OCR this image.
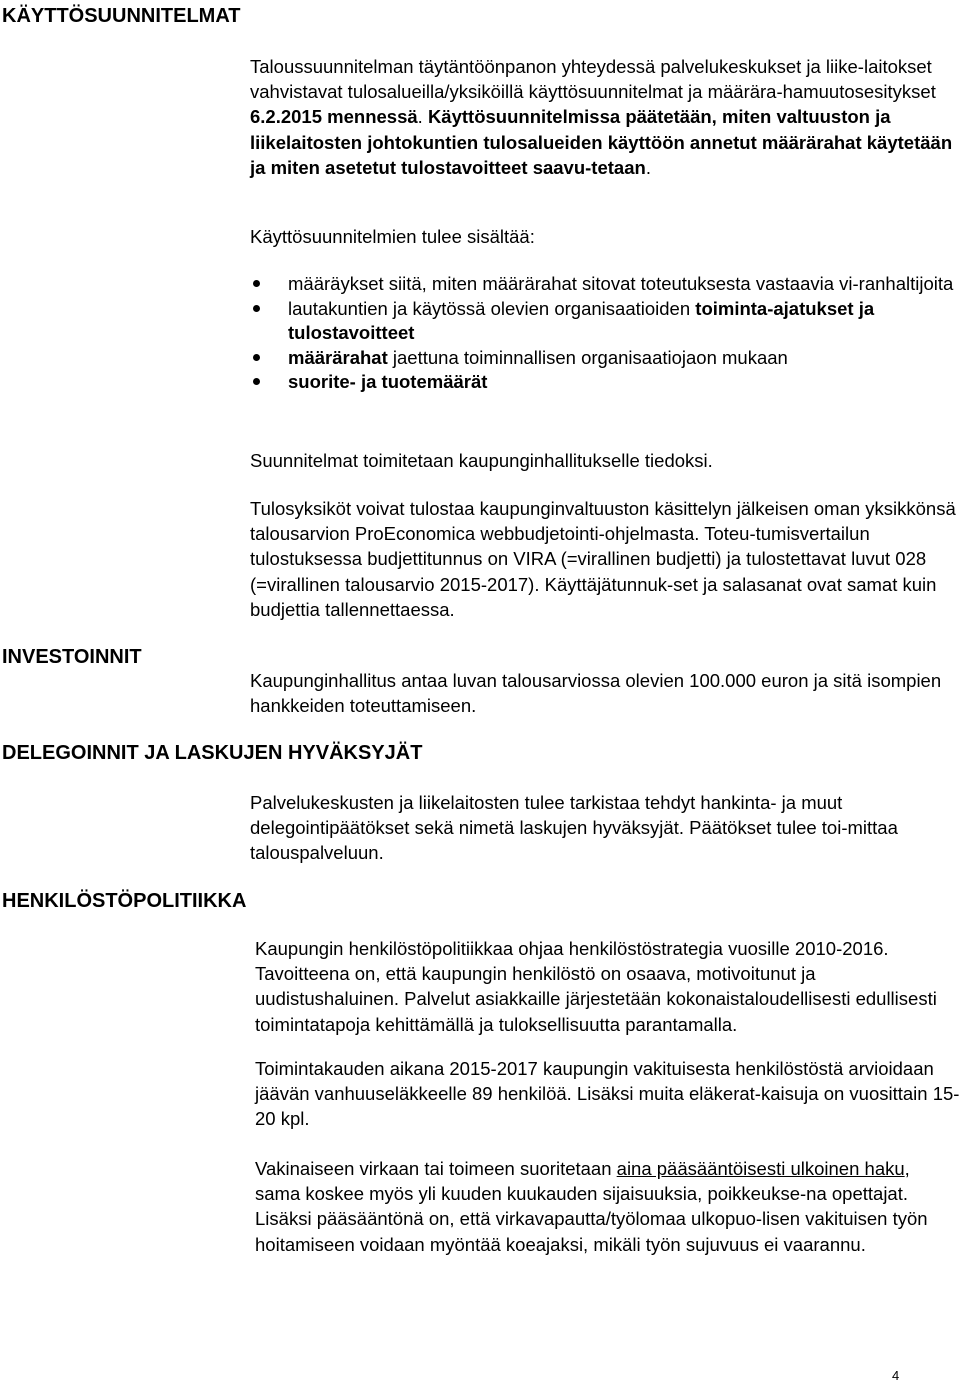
KÄYTTÖSUUNNITELMAT

Taloussuunnitelman täytäntöönpanon yhteydessä palvelukeskukset ja liike-laitokset vahvistavat tulosalueilla/yksiköillä käyttösuunnitelmat ja määrära-hamuutosesitykset 6.2.2015 mennessä. Käyttösuunnitelmissa päätetään, miten valtuuston ja liikelaitosten johtokuntien tulosalueiden käyttöön annetut määrärahat käytetään ja miten asetetut tulostavoitteet saavu-tetaan.

Käyttösuunnitelmien tulee sisältää:

määräykset siitä, miten määrärahat sitovat toteutuksesta vastaavia vi-ranhaltijoita
lautakuntien ja käytössä olevien organisaatioiden toiminta-ajatukset ja tulostavoitteet
määrärahat jaettuna toiminnallisen organisaatiojaon mukaan
suorite- ja tuotemäärät

Suunnitelmat toimitetaan kaupunginhallitukselle tiedoksi.

Tulosyksiköt voivat tulostaa kaupunginvaltuuston käsittelyn jälkeisen oman yksikkönsä talousarvion ProEconomica webbudjetointi-ohjelmasta. Toteu-tumisvertailun tulostuksessa budjettitunnus on VIRA (=virallinen budjetti) ja tulostettavat luvut 028 (=virallinen talousarvio 2015-2017). Käyttäjätunnuk-set ja salasanat ovat samat kuin budjettia tallennettaessa.

INVESTOINNIT

Kaupunginhallitus antaa luvan talousarviossa olevien 100.000 euron ja sitä isompien hankkeiden toteuttamiseen.

DELEGOINNIT JA LASKUJEN HYVÄKSYJÄT

Palvelukeskusten ja liikelaitosten tulee tarkistaa tehdyt hankinta- ja muut delegointipäätökset sekä nimetä laskujen hyväksyjät. Päätökset tulee toi-mittaa talouspalveluun.

HENKILÖSTÖPOLITIIKKA

Kaupungin henkilöstöpolitiikkaa ohjaa henkilöstöstrategia vuosille 2010-2016. Tavoitteena on, että kaupungin henkilöstö on osaava, motivoitunut ja uudistushaluinen. Palvelut asiakkaille järjestetään kokonaistaloudellisesti edullisesti toimintatapoja kehittämällä ja tuloksellisuutta parantamalla.

Toimintakauden aikana 2015-2017 kaupungin vakituisesta henkilöstöstä arvioidaan jäävän vanhuuseläkkeelle 89 henkilöä. Lisäksi muita eläkerat-kaisuja on vuosittain 15-20 kpl.

Vakinaiseen virkaan tai toimeen suoritetaan aina pääsääntöisesti ulkoinen haku, sama koskee myös yli kuuden kuukauden sijaisuuksia, poikkeukse-na opettajat. Lisäksi pääsääntönä on, että virkavapautta/työlomaa ulkopuo-lisen vakituisen työn hoitamiseen voidaan myöntää koeajaksi, mikäli työn sujuvuus ei vaarannu.

4
